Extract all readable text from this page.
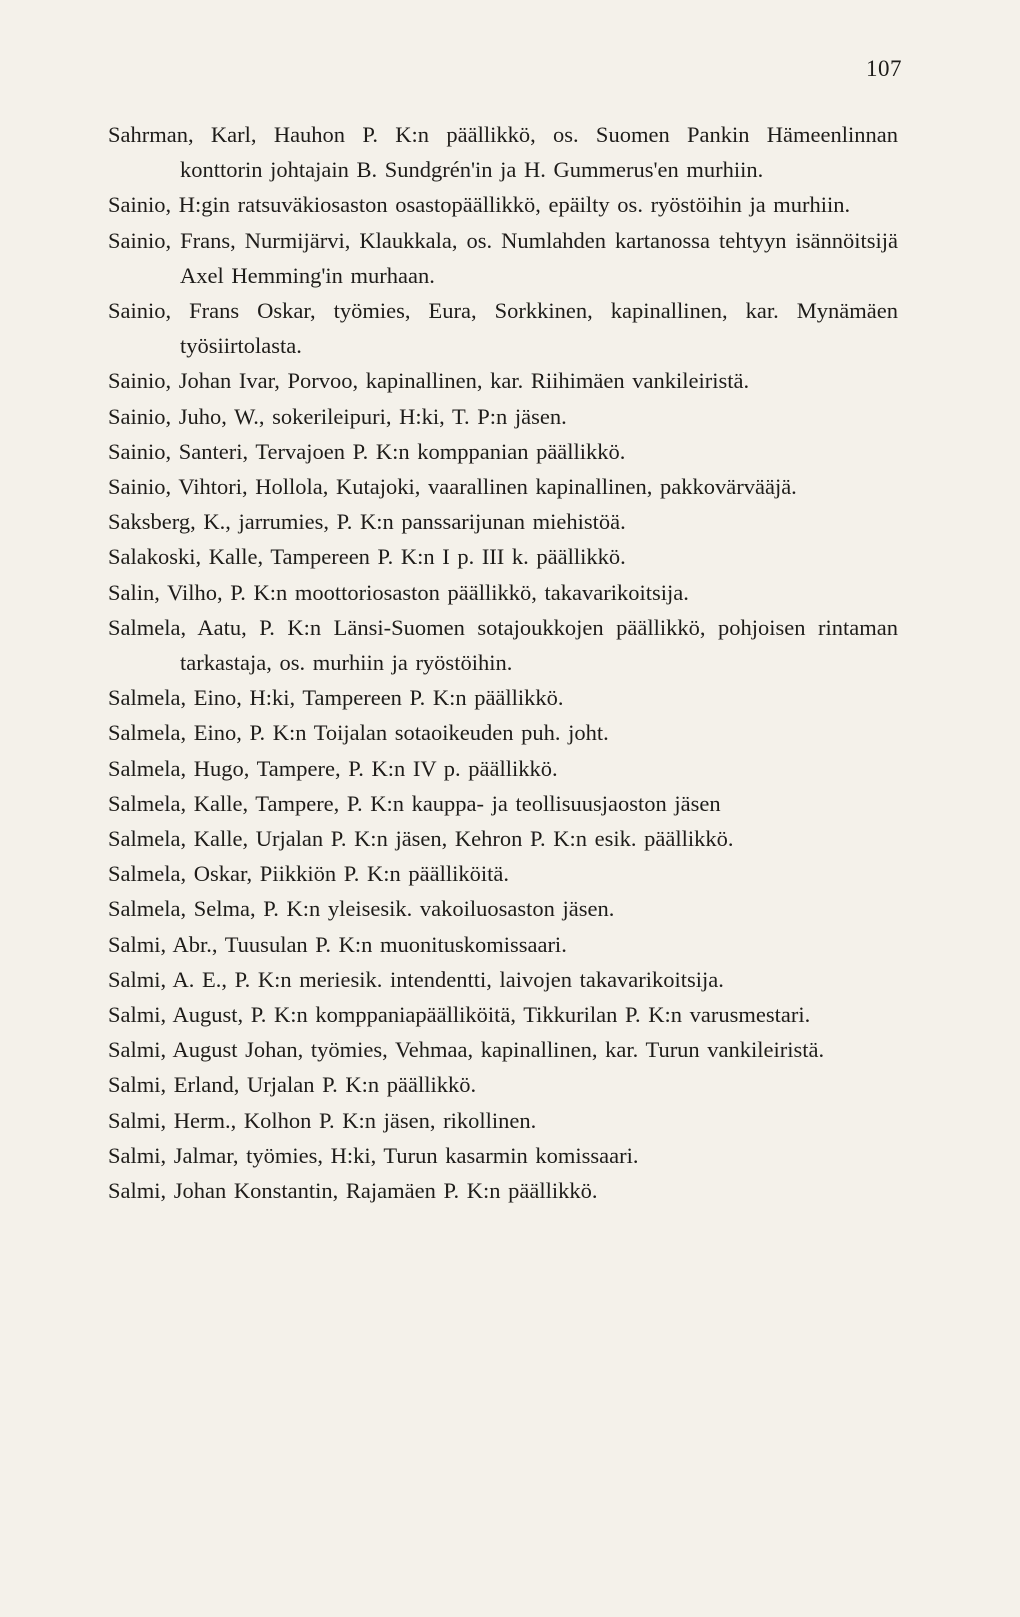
107

Sahrman, Karl, Hauhon P. K:n päällikkö, os. Suomen Pankin Hämeenlinnan konttorin johtajain B. Sundgrén'in ja H. Gummerus'en murhiin.

Sainio, H:gin ratsuväkiosaston osastopäällikkö, epäilty os. ryöstöihin ja murhiin.

Sainio, Frans, Nurmijärvi, Klaukkala, os. Numlahden kartanossa tehtyyn isännöitsijä Axel Hemming'in murhaan.

Sainio, Frans Oskar, työmies, Eura, Sorkkinen, kapinallinen, kar. Mynämäen työsiirtolasta.

Sainio, Johan Ivar, Porvoo, kapinallinen, kar. Riihimäen vankileiristä.

Sainio, Juho, W., sokerileipuri, H:ki, T. P:n jäsen.

Sainio, Santeri, Tervajoen P. K:n komppanian päällikkö.

Sainio, Vihtori, Hollola, Kutajoki, vaarallinen kapinallinen, pakkovärvääjä.

Saksberg, K., jarrumies, P. K:n panssarijunan miehistöä.

Salakoski, Kalle, Tampereen P. K:n I p. III k. päällikkö.

Salin, Vilho, P. K:n moottoriosaston päällikkö, takavarikoitsija.

Salmela, Aatu, P. K:n Länsi-Suomen sotajoukkojen päällikkö, pohjoisen rintaman tarkastaja, os. murhiin ja ryöstöihin.

Salmela, Eino, H:ki, Tampereen P. K:n päällikkö.

Salmela, Eino, P. K:n Toijalan sotaoikeuden puh. joht.

Salmela, Hugo, Tampere, P. K:n IV p. päällikkö.

Salmela, Kalle, Tampere, P. K:n kauppa- ja teollisuusjaoston jäsen

Salmela, Kalle, Urjalan P. K:n jäsen, Kehron P. K:n esik. päällikkö.

Salmela, Oskar, Piikkiön P. K:n päälliköitä.

Salmela, Selma, P. K:n yleisesik. vakoiluosaston jäsen.

Salmi, Abr., Tuusulan P. K:n muonituskomissaari.

Salmi, A. E., P. K:n meriesik. intendentti, laivojen takavarikoitsija.

Salmi, August, P. K:n komppaniapäälliköitä, Tikkurilan P. K:n varusmestari.

Salmi, August Johan, työmies, Vehmaa, kapinallinen, kar. Turun vankileiristä.

Salmi, Erland, Urjalan P. K:n päällikkö.

Salmi, Herm., Kolhon P. K:n jäsen, rikollinen.

Salmi, Jalmar, työmies, H:ki, Turun kasarmin komissaari.

Salmi, Johan Konstantin, Rajamäen P. K:n päällikkö.
